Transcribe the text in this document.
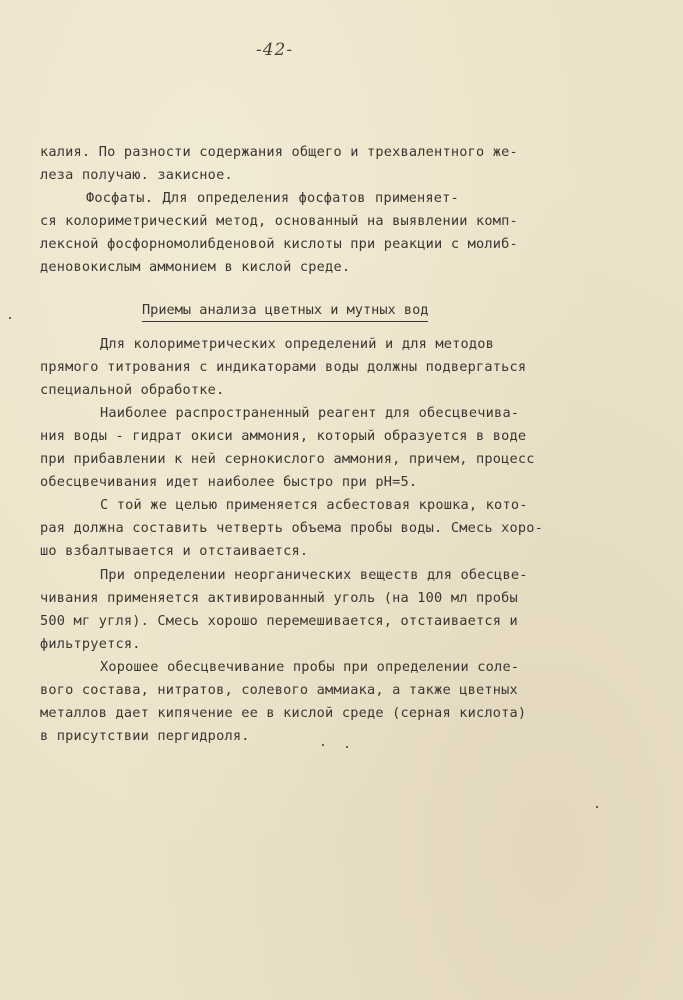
-42-
калия. По разности содержания общего и трехвалентного же-
леза получаю. закисное.
Фосфаты. Для определения фосфатов применяет-
ся колориметрический метод, основанный на выявлении комп-
лексной фосфорномолибденовой кислоты при реакции с молиб-
деновокислым аммонием в кислой среде.
Приемы анализа цветных и мутных вод
Для колориметрических определений и для методов
прямого титрования с индикаторами воды должны подвергаться
специальной обработке.
Наиболее распространенный реагент для обесцвечива-
ния воды - гидрат окиси аммония, который образуется в воде
при прибавлении к ней сернокислого аммония, причем, процесс
обесцвечивания идет наиболее быстро при pH=5.
С той же целью применяется асбестовая крошка, кото-
рая должна составить четверть объема пробы воды. Смесь хоро-
шо взбалтывается и отстаивается.
При определении неорганических веществ для обесцве-
чивания применяется активированный уголь (на 100 мл пробы
500 мг угля). Смесь хорошо перемешивается, отстаивается и
фильтруется.
Хорошее обесцвечивание пробы при определении соле-
вого состава, нитратов, солевого аммиака, а также цветных
металлов дает кипячение ее в кислой среде (серная кислота)
в присутствии пергидроля.
